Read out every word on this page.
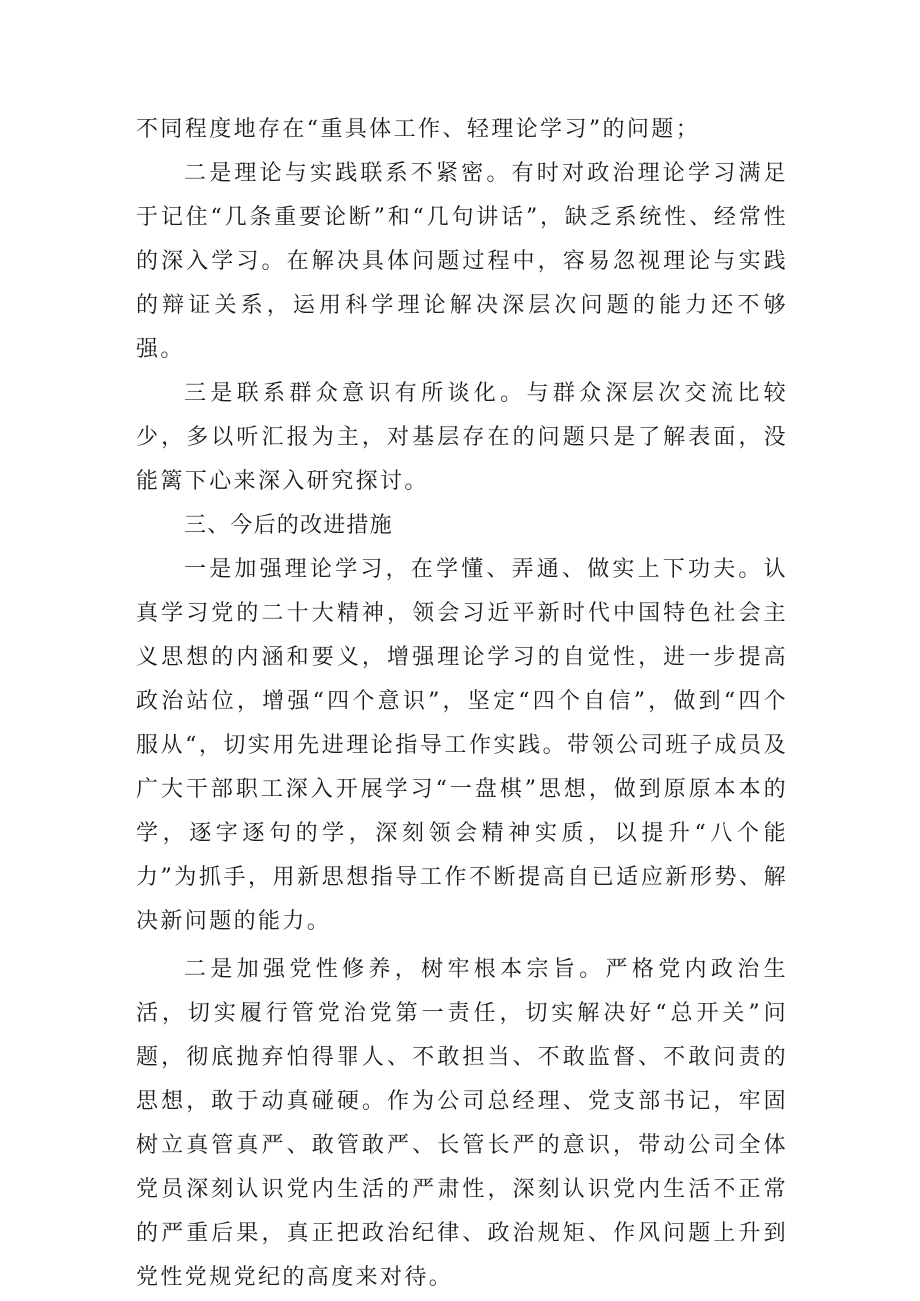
不同程度地存在“重具体工作、轻理论学习”的问题；

二是理论与实践联系不紧密。有时对政治理论学习满足于记住“几条重要论断”和“几句讲话”，缺乏系统性、经常性的深入学习。在解决具体问题过程中，容易忽视理论与实践的辩证关系，运用科学理论解决深层次问题的能力还不够强。

三是联系群众意识有所谈化。与群众深层次交流比较少，多以听汇报为主，对基层存在的问题只是了解表面，没能篱下心来深入研究探讨。

三、今后的改进措施

一是加强理论学习，在学懂、弄通、做实上下功夫。认真学习党的二十大精神，领会习近平新时代中国特色社会主义思想的内涵和要义，增强理论学习的自觉性，进一步提高政治站位，增强“四个意识”，坚定“四个自信”，做到“四个服从“，切实用先进理论指导工作实践。带领公司班子成员及广大干部职工深入开展学习“一盘棋”思想，做到原原本本的学，逐字逐句的学，深刻领会精神实质，以提升“八个能力”为抓手，用新思想指导工作不断提高自已适应新形势、解决新问题的能力。

二是加强党性修养，树牢根本宗旨。严格党内政治生活，切实履行管党治党第一责任，切实解决好“总开关”问题，彻底抛弃怕得罪人、不敢担当、不敢监督、不敢问责的思想，敢于动真碰硬。作为公司总经理、党支部书记，牢固树立真管真严、敢管敢严、长管长严的意识，带动公司全体党员深刻认识党内生活的严肃性，深刻认识党内生活不正常的严重后果，真正把政治纪律、政治规矩、作风问题上升到党性党规党纪的高度来对待。
